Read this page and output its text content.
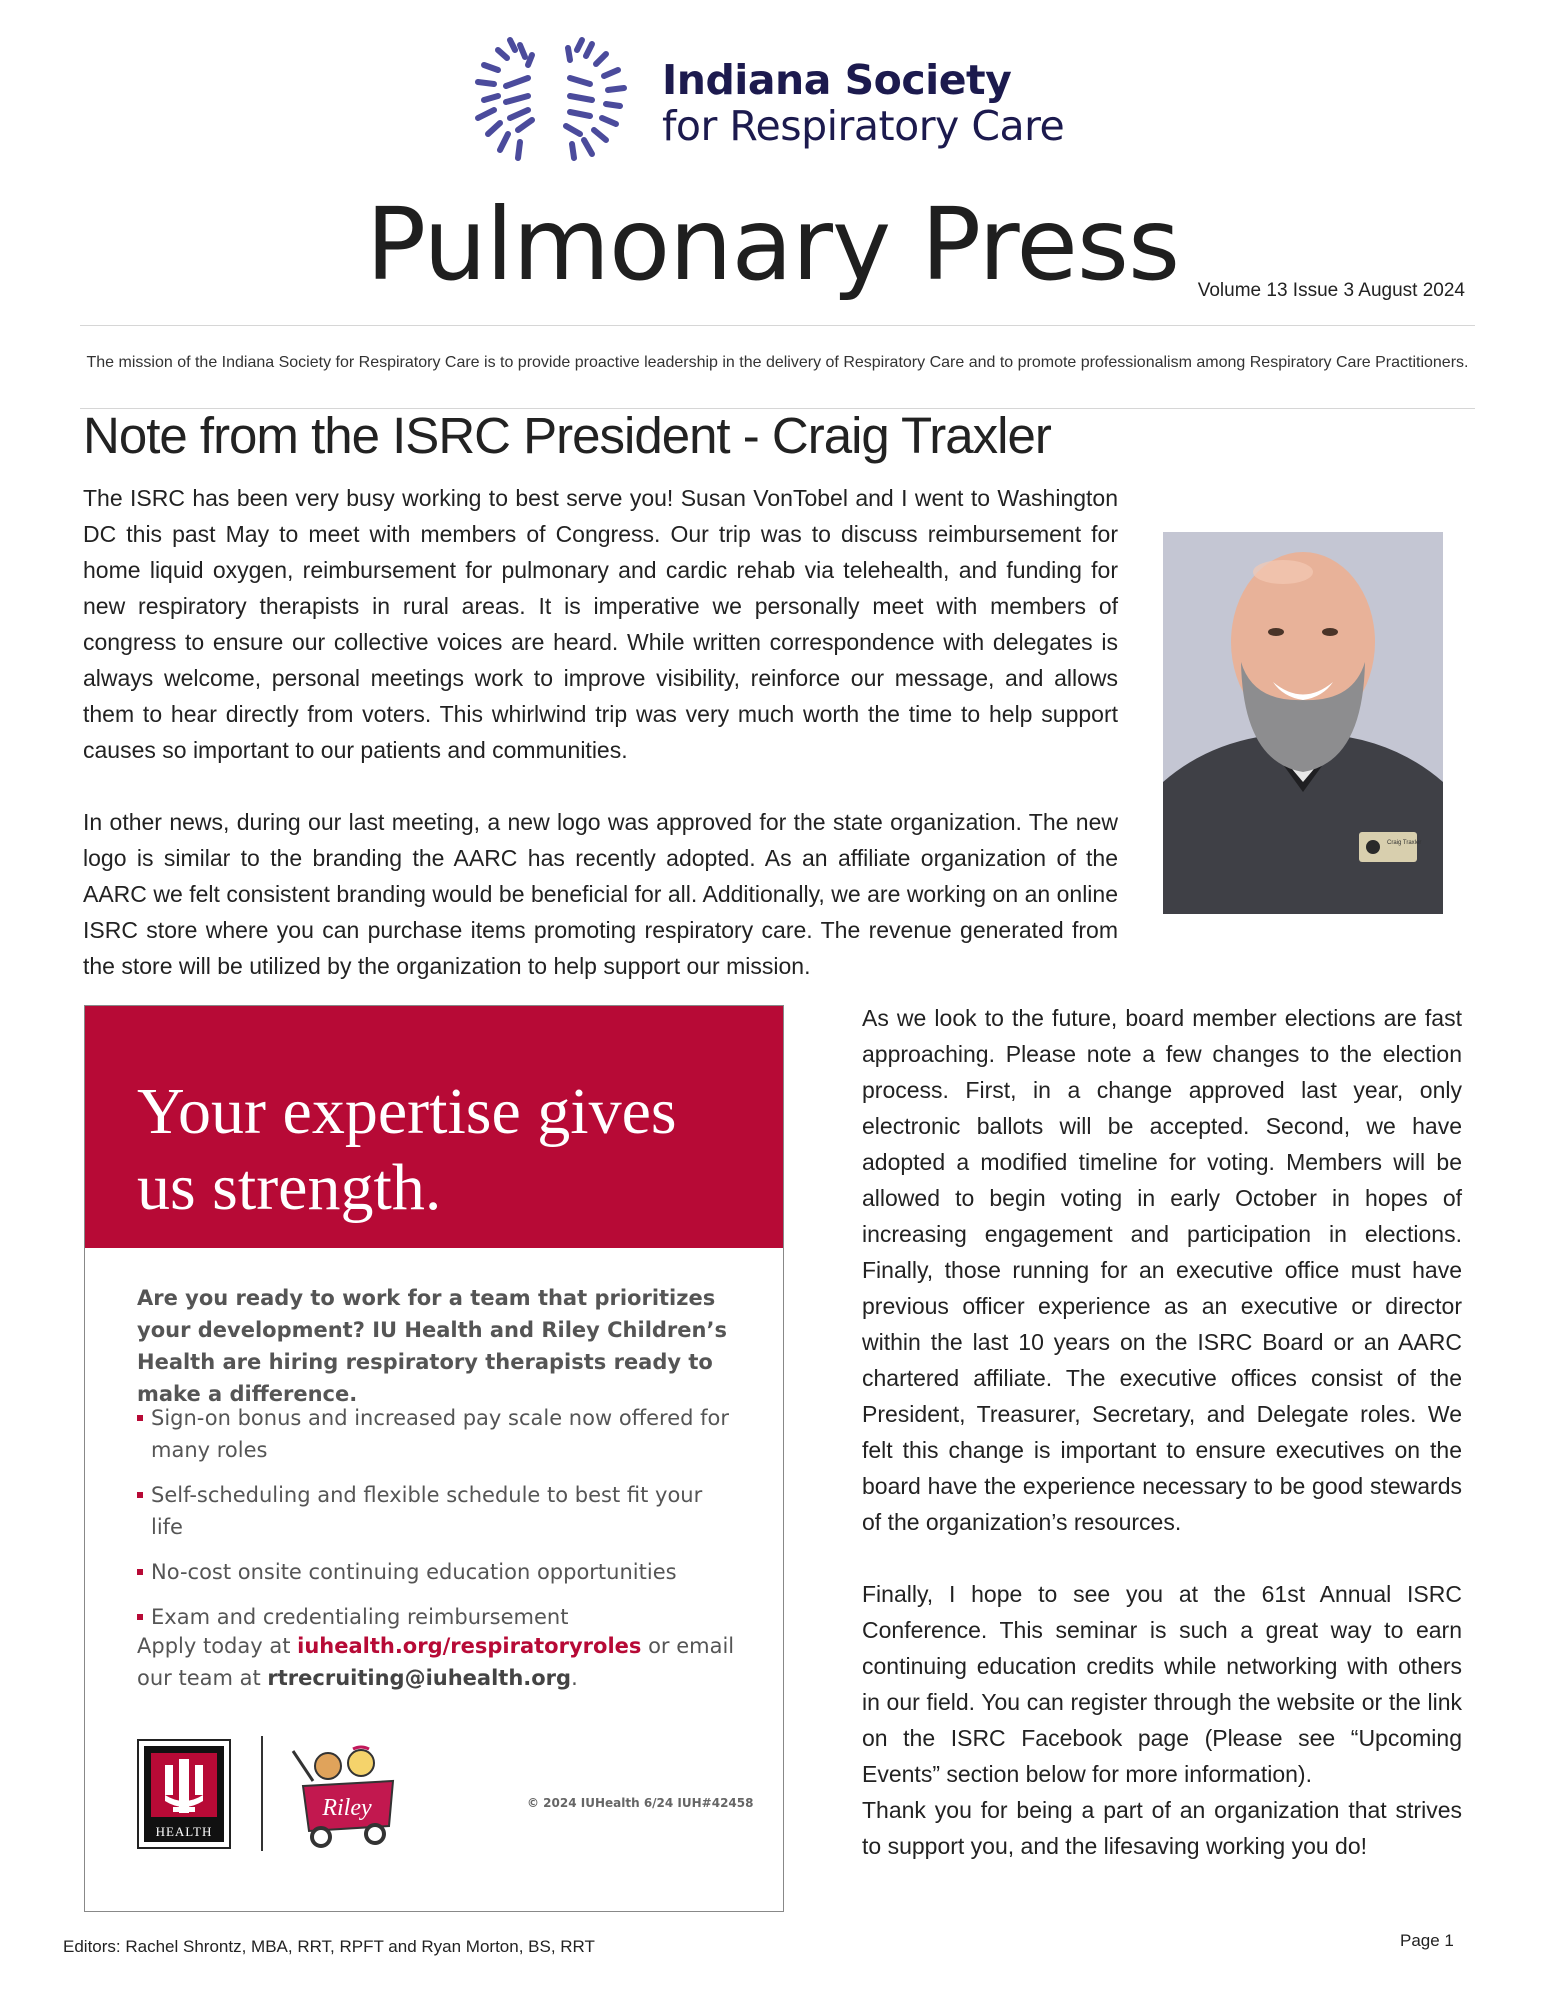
Indiana Society
for Respiratory Care
Pulmonary Press Volume 13 Issue 3 August 2024
The mission of the Indiana Society for Respiratory Care is to provide proactive leadership in the delivery of Respiratory Care and to promote professionalism among Respiratory Care Practitioners.
Note from the ISRC President - Craig Traxler

The ISRC has been very busy working to best serve you! Susan VonTobel and I went to Washington DC this past May to meet with members of Congress. Our trip was to discuss reimbursement for home liquid oxygen, reimbursement for pulmonary and cardic rehab via telehealth, and funding for new respiratory therapists in rural areas. It is imperative we personally meet with members of congress to ensure our collective voices are heard. While written correspondence with delegates is always welcome, personal meetings work to improve visibility, reinforce our message, and allows them to hear directly from voters. This whirlwind trip was very much worth the time to help support causes so important to our patients and communities.

In other news, during our last meeting, a new logo was approved for the state organization. The new logo is similar to the branding the AARC has recently adopted. As an affiliate organization of the AARC we felt consistent branding would be beneficial for all. Additionally, we are working on an online ISRC store where you can purchase items promoting respiratory care. The revenue generated from the store will be utilized by the organization to help support our mission.

Craig Traxler
Your expertise gives
us strength.
Are you ready to work for a team that prioritizes your development? IU Health and Riley Children’s Health are hiring respiratory therapists ready to make a difference.
Sign-on bonus and increased pay scale now offered for many roles
Self-scheduling and flexible schedule to best fit your life
No-cost onsite continuing education opportunities
Exam and credentialing reimbursement
Apply today at iuhealth.org/respiratoryroles or email our team at rtrecruiting@iuhealth.org.
HEALTH
Riley	© 2024 IUHealth 6/24 IUH#42458

As we look to the future, board member elections are fast approaching. Please note a few changes to the election process. First, in a change approved last year, only electronic ballots will be accepted. Second, we have adopted a modified timeline for voting. Members will be allowed to begin voting in early October in hopes of increasing engagement and participation in elections. Finally, those running for an executive office must have previous officer experience as an executive or director within the last 10 years on the ISRC Board or an AARC chartered affiliate. The executive offices consist of the President, Treasurer, Secretary, and Delegate roles. We felt this change is important to ensure executives on the board have the experience necessary to be good stewards of the organization’s resources.

Finally, I hope to see you at the 61st Annual ISRC Conference. This seminar is such a great way to earn continuing education credits while networking with others in our field. You can register through the website or the link on the ISRC Facebook page (Please see “Upcoming Events” section below for more information).

Thank you for being a part of an organization that strives to support you, and the lifesaving working you do!

Editors: Rachel Shrontz, MBA, RRT, RPFT and Ryan Morton, BS, RRT	Page 1
